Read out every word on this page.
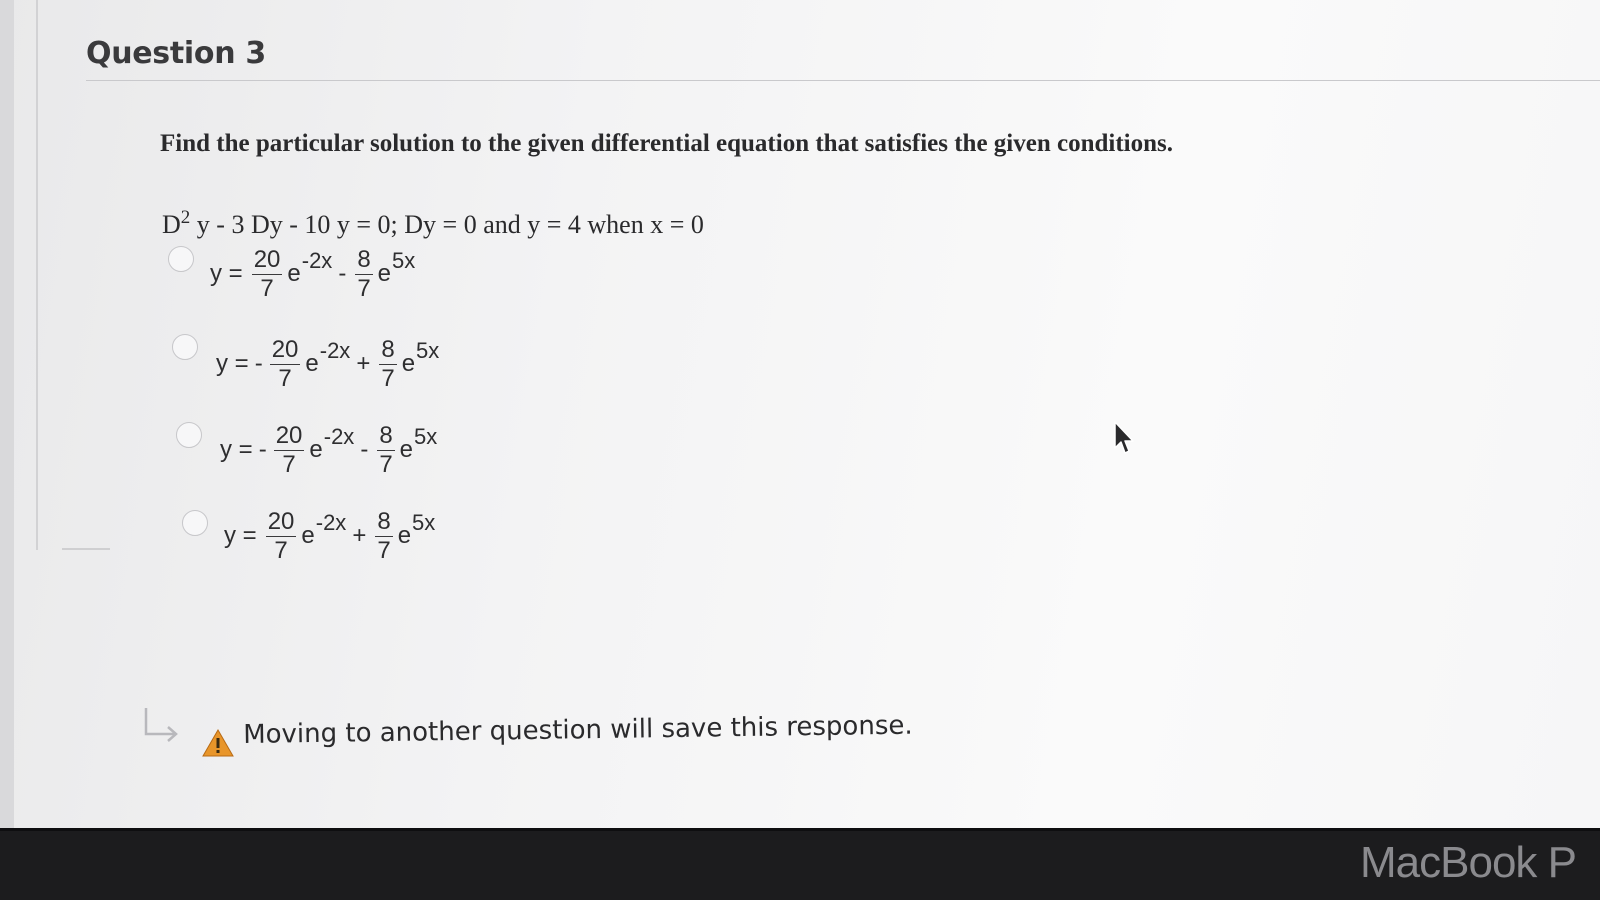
Question 3
Find the particular solution to the given differential equation that satisfies the given conditions.
$D^2$ y - 3 Dy - 10 y = 0; Dy = 0 and y = 4 when x = 0
$y = \frac{20}{7}$ e $-2x - \frac{8}{7}$ e 5x
y = - $\frac{20}{7}$ e $-2x + \frac{8}{7}$ e 5x
y = - $\frac{20}{7}$ e $-2x - \frac{8}{7}$ e 5x
$y = \frac{20}{7}$ e $-2x + \frac{8}{7}$ e 5x
Moving to another question will save this response.
MacBook P
